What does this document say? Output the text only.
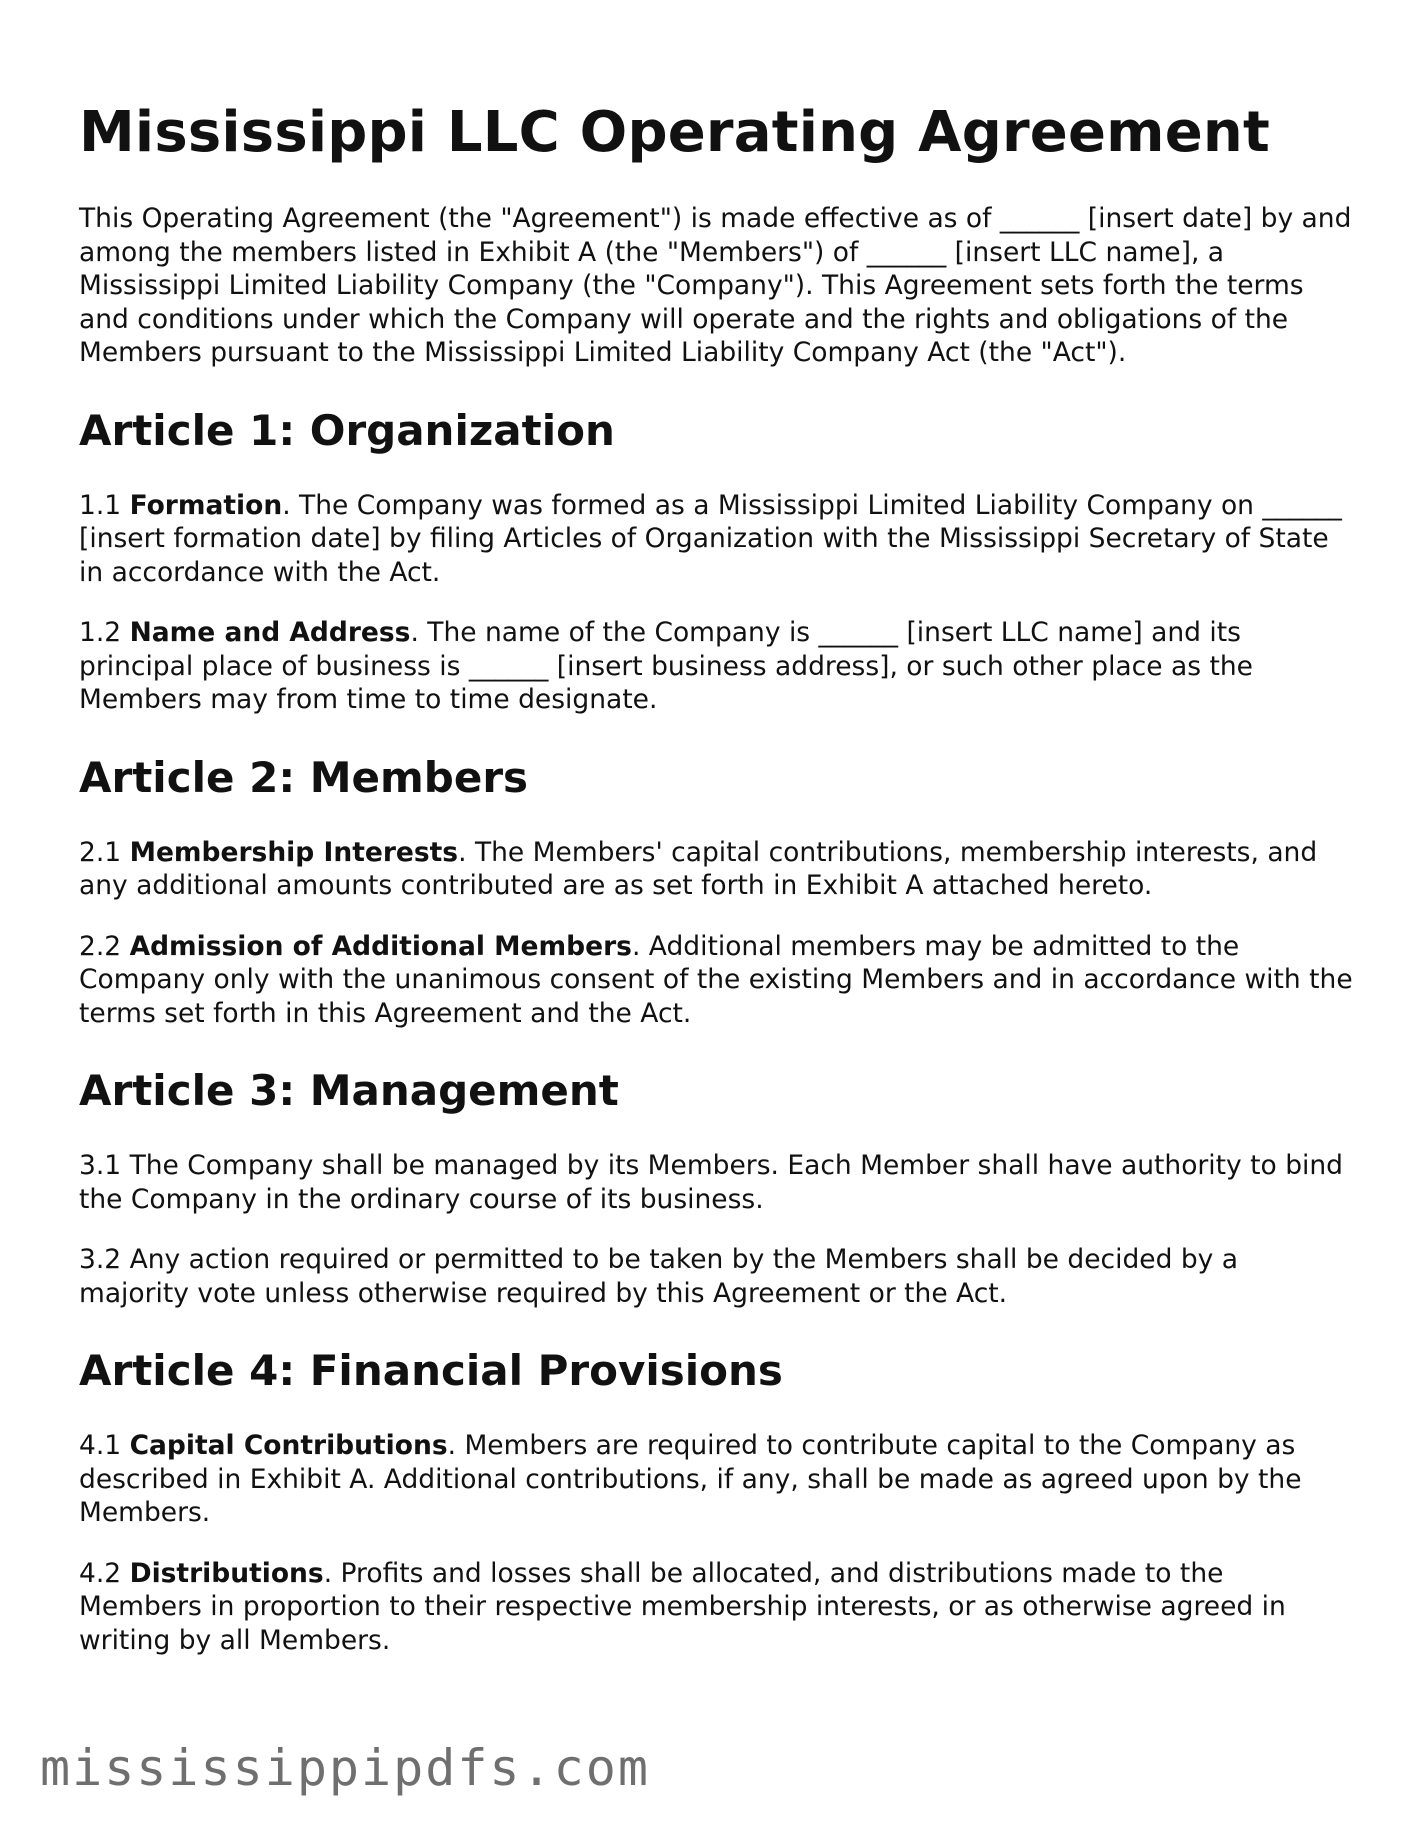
Mississippi LLC Operating Agreement

This Operating Agreement (the "Agreement") is made effective as of ______ [insert date] by and among the members listed in Exhibit A (the "Members") of ______ [insert LLC name], a Mississippi Limited Liability Company (the "Company"). This Agreement sets forth the terms and conditions under which the Company will operate and the rights and obligations of the Members pursuant to the Mississippi Limited Liability Company Act (the "Act").

Article 1: Organization

1.1 Formation. The Company was formed as a Mississippi Limited Liability Company on ______ [insert formation date] by filing Articles of Organization with the Mississippi Secretary of State in accordance with the Act.

1.2 Name and Address. The name of the Company is ______ [insert LLC name] and its principal place of business is ______ [insert business address], or such other place as the Members may from time to time designate.

Article 2: Members

2.1 Membership Interests. The Members' capital contributions, membership interests, and any additional amounts contributed are as set forth in Exhibit A attached hereto.

2.2 Admission of Additional Members. Additional members may be admitted to the Company only with the unanimous consent of the existing Members and in accordance with the terms set forth in this Agreement and the Act.

Article 3: Management

3.1 The Company shall be managed by its Members. Each Member shall have authority to bind the Company in the ordinary course of its business.

3.2 Any action required or permitted to be taken by the Members shall be decided by a majority vote unless otherwise required by this Agreement or the Act.

Article 4: Financial Provisions

4.1 Capital Contributions. Members are required to contribute capital to the Company as described in Exhibit A. Additional contributions, if any, shall be made as agreed upon by the Members.

4.2 Distributions. Profits and losses shall be allocated, and distributions made to the Members in proportion to their respective membership interests, or as otherwise agreed in writing by all Members.

mississippipdfs.com
